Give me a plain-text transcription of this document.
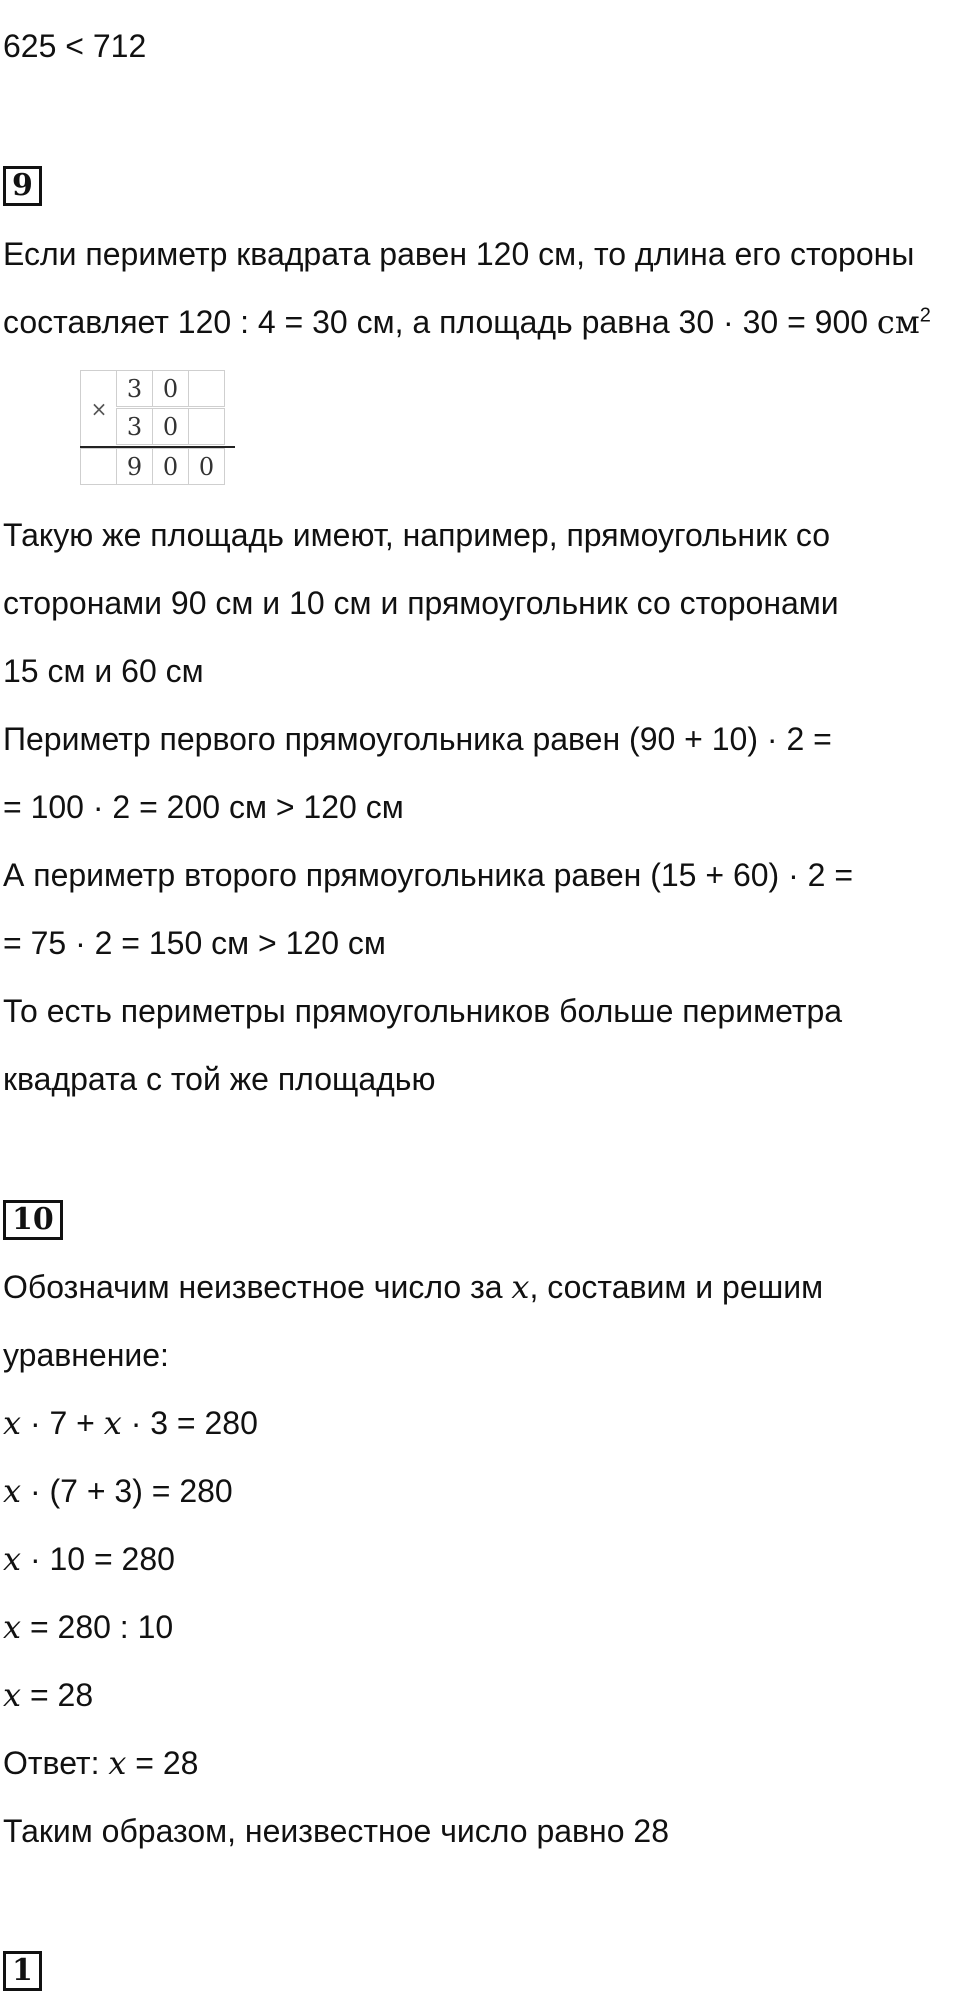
625 < 712
9
Если периметр квадрата равен 120 см, то длина его стороны
составляет 120 : 4 = 30 см, а площадь равна 30 · 30 = 900 $см^2$
×
3 0
3 0
9 0 0
Такую же площадь имеют, например, прямоугольник со
сторонами 90 см и 10 см и прямоугольник со сторонами
15 см и 60 см
Периметр первого прямоугольника равен (90 + 10) · 2 =
= 100 · 2 = 200 см > 120 см
А периметр второго прямоугольника равен (15 + 60) · 2 =
= 75 · 2 = 150 см > 120 см
То есть периметры прямоугольников больше периметра
квадрата с той же площадью
10
Обозначим неизвестное число за x, составим и решим
уравнение:
x · 7 + x · 3 = 280
x · (7 + 3) = 280
x · 10 = 280
x = 280 : 10
x = 28
Ответ: x = 28
Таким образом, неизвестное число равно 28
1
